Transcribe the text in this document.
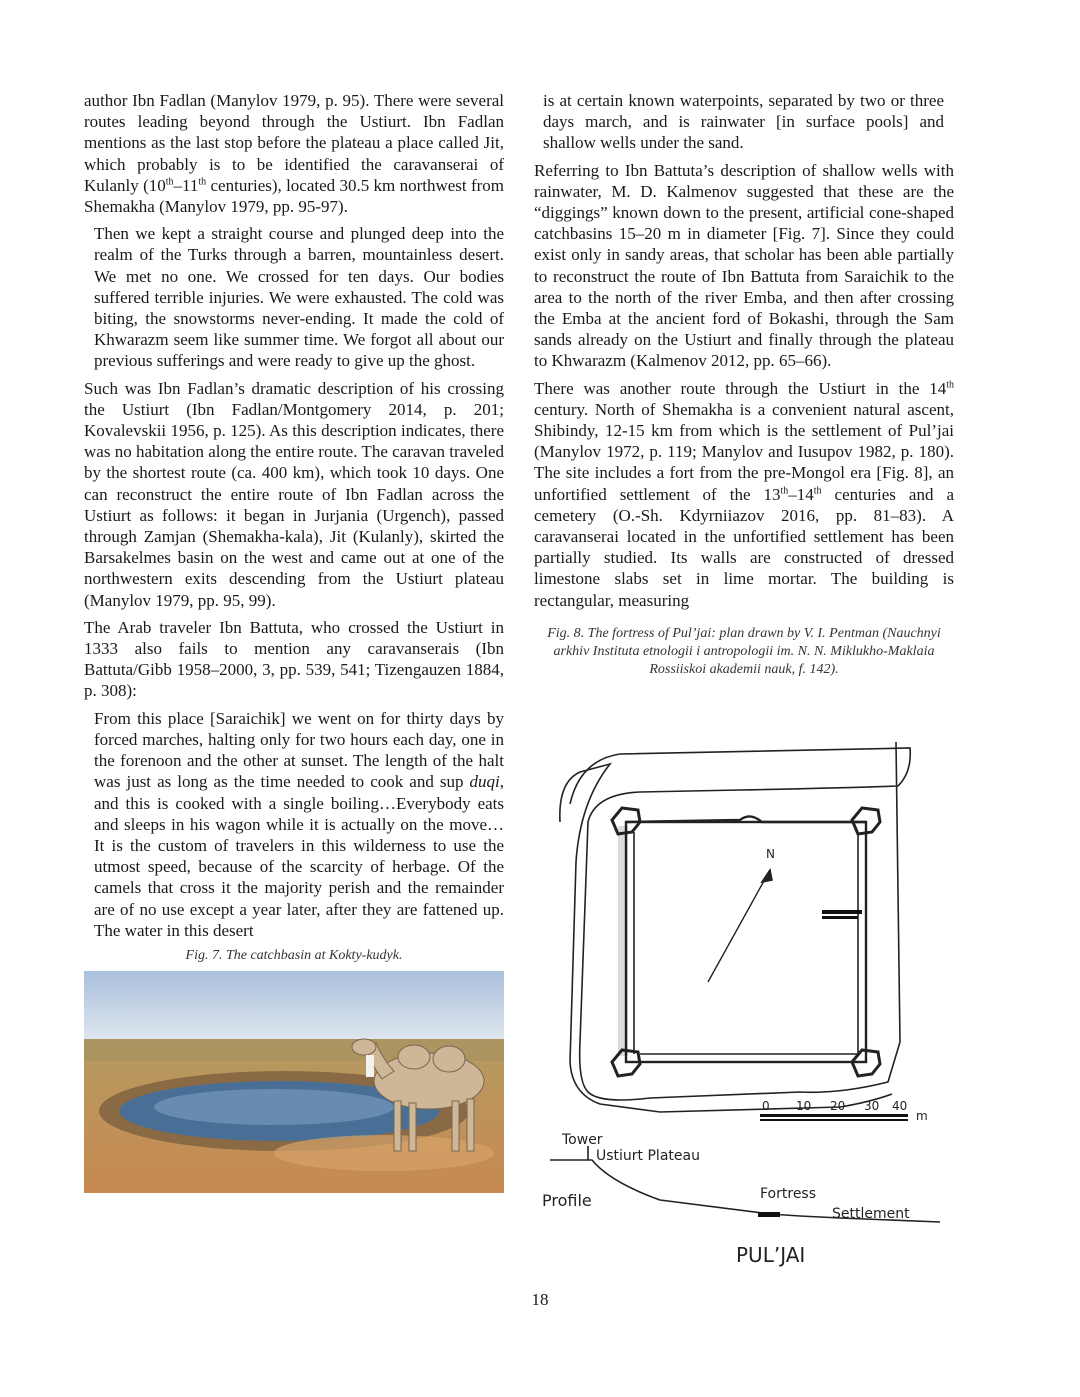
author Ibn Fadlan (Manylov 1979, p. 95). There were several routes leading beyond through the Ustiurt. Ibn Fadlan mentions as the last stop before the plateau a place called Jit, which probably is to be identified the caravanserai of Kulanly (10th–11th centuries), located 30.5 km northwest from Shemakha (Manylov 1979, pp. 95-97).

Then we kept a straight course and plunged deep into the realm of the Turks through a barren, mountainless desert. We met no one. We crossed for ten days. Our bodies suffered terrible injuries. We were exhausted. The cold was biting, the snowstorms never-ending. It made the cold of Khwarazm seem like summer time. We forgot all about our previous sufferings and were ready to give up the ghost.

Such was Ibn Fadlan’s dramatic description of his crossing the Ustiurt (Ibn Fadlan/Montgomery 2014, p. 201; Kovalevskii 1956, p. 125). As this description indicates, there was no habitation along the entire route. The caravan traveled by the shortest route (ca. 400 km), which took 10 days. One can reconstruct the entire route of Ibn Fadlan across the Ustiurt as follows: it began in Jurjania (Urgench), passed through Zamjan (Shemakha-kala), Jit (Kulanly), skirted the Barsakelmes basin on the west and came out at one of the northwestern exits descending from the Ustiurt plateau (Manylov 1979, pp. 95, 99).

The Arab traveler Ibn Battuta, who crossed the Ustiurt in 1333 also fails to mention any caravanserais (Ibn Battuta/Gibb 1958–2000, 3, pp. 539, 541; Tizengauzen 1884, p. 308):

From this place [Saraichik] we went on for thirty days by forced marches, halting only for two hours each day, one in the forenoon and the other at sunset. The length of the halt was just as long as the time needed to cook and sup duqi, and this is cooked with a single boiling…Everybody eats and sleeps in his wagon while it is actually on the move… It is the custom of travelers in this wilderness to use the utmost speed, because of the scarcity of herbage. Of the camels that cross it the majority perish and the remainder are of no use except a year later, after they are fattened up. The water in this desert

Fig. 7. The catchbasin at Kokty-kudyk.

is at certain known waterpoints, separated by two or three days march, and is rainwater [in surface pools] and shallow wells under the sand.

Referring to Ibn Battuta’s description of shallow wells with rainwater, M. D. Kalmenov suggested that these are the “diggings” known down to the present, artificial cone-shaped catchbasins 15–20 m in diameter [Fig. 7]. Since they could exist only in sandy areas, that scholar has been able partially to reconstruct the route of Ibn Battuta from Saraichik to the area to the north of the river Emba, and then after crossing the Emba at the ancient ford of Bokashi, through the Sam sands already on the Ustiurt and finally through the plateau to Khwarazm (Kalmenov 2012, pp. 65–66).

There was another route through the Ustiurt in the 14th century. North of Shemakha is a convenient natural ascent, Shibindy, 12-15 km from which is the settlement of Pul’jai (Manylov 1972, p. 119; Manylov and Iusupov 1982, p. 180). The site includes a fort from the pre-Mongol era [Fig. 8], an unfortified settlement of the 13th–14th centuries and a cemetery (O.-Sh. Kdyrniiazov 2016, pp. 81–83). A caravanserai located in the unfortified settlement has been partially studied. Its walls are constructed of dressed limestone slabs set in lime mortar. The building is rectangular, measuring

Fig. 8. The fortress of Pul’jai: plan drawn by V. I. Pentman (Nauchnyi arkhiv Instituta etnologii i antropologii im. N. N. Miklukho-Maklaia Rossiiskoi akademii nauk, f. 142).
N
0 10 20 30 40
m
Tower
Ustiurt Plateau
Profile	Fortress
Settlement
PUL’JAI
18
